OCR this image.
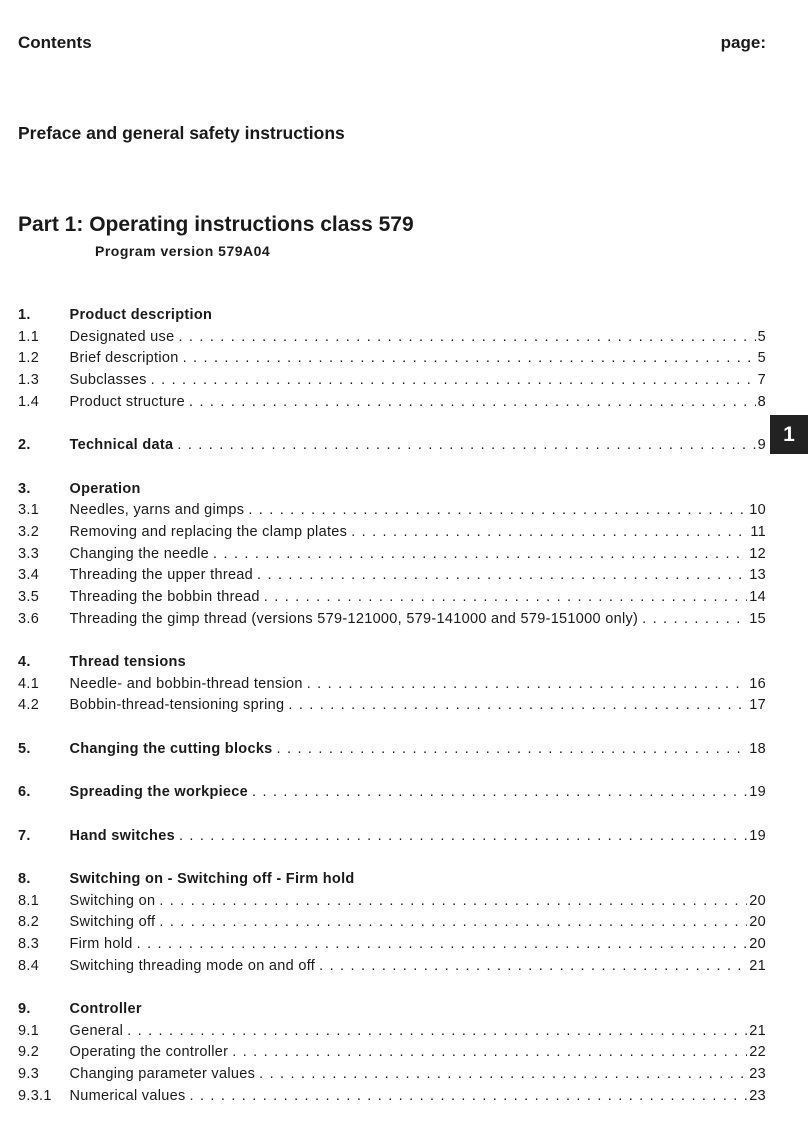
Contents	page:
Preface and general safety instructions
Part 1: Operating instructions class 579
Program version 579A04
1.	Product description
1.1	Designated use . . .	5
1.2	Brief description . . .	5
1.3	Subclasses . . .	7
1.4	Product structure . . .	8
2.	Technical data . . .	9
3.	Operation
3.1	Needles, yarns and gimps . . .	10
3.2	Removing and replacing the clamp plates . . .	11
3.3	Changing the needle . . .	12
3.4	Threading the upper thread . . .	13
3.5	Threading the bobbin thread . . .	14
3.6	Threading the gimp thread (versions 579-121000, 579-141000 and 579-151000 only) . . .	15
4.	Thread tensions
4.1	Needle- and bobbin-thread tension . . .	16
4.2	Bobbin-thread-tensioning spring . . .	17
5.	Changing the cutting blocks . . .	18
6.	Spreading the workpiece . . .	19
7.	Hand switches . . .	19
8.	Switching on - Switching off - Firm hold
8.1	Switching on . . .	20
8.2	Switching off . . .	20
8.3	Firm hold . . .	20
8.4	Switching threading mode on and off . . .	21
9.	Controller
9.1	General . . .	21
9.2	Operating the controller . . .	22
9.3	Changing parameter values . . .	23
9.3.1	Numerical values . . .	23
1
